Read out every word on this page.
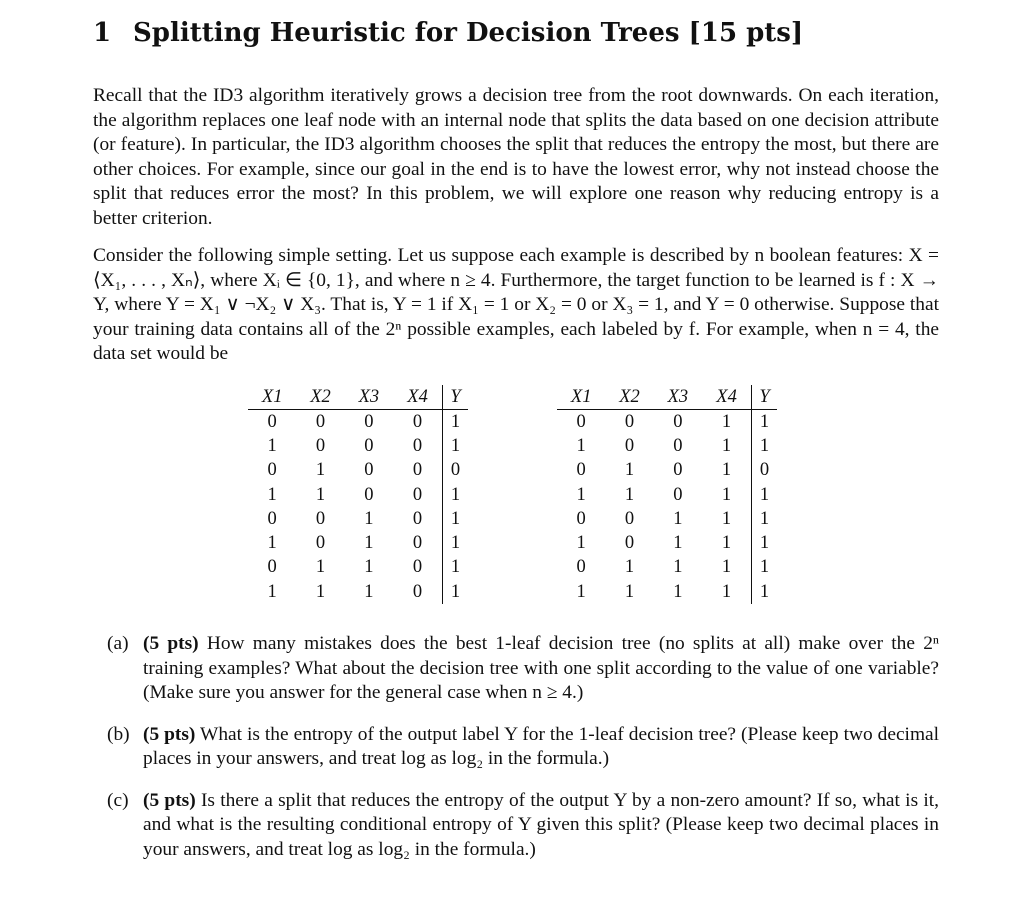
1 Splitting Heuristic for Decision Trees [15 pts]

Recall that the ID3 algorithm iteratively grows a decision tree from the root downwards. On each iteration, the algorithm replaces one leaf node with an internal node that splits the data based on one decision attribute (or feature). In particular, the ID3 algorithm chooses the split that reduces the entropy the most, but there are other choices. For example, since our goal in the end is to have the lowest error, why not instead choose the split that reduces error the most? In this problem, we will explore one reason why reducing entropy is a better criterion.

Consider the following simple setting. Let us suppose each example is described by n boolean features: X = ⟨X₁, . . . , Xₙ⟩, where Xᵢ ∈ {0, 1}, and where n ≥ 4. Furthermore, the target function to be learned is f : X → Y, where Y = X₁ ∨ ¬X₂ ∨ X₃. That is, Y = 1 if X₁ = 1 or X₂ = 0 or X₃ = 1, and Y = 0 otherwise. Suppose that your training data contains all of the 2ⁿ possible examples, each labeled by f. For example, when n = 4, the data set would be

X1	X2	X3	X4	Y
0	0	0	0	1
1	0	0	0	1
0	1	0	0	0
1	1	0	0	1
0	0	1	0	1
1	0	1	0	1
0	1	1	0	1
1	1	1	0	1
X1	X2	X3	X4	Y
0	0	0	1	1
1	0	0	1	1
0	1	0	1	0
1	1	0	1	1
0	0	1	1	1
1	0	1	1	1
0	1	1	1	1
1	1	1	1	1
(a) (5 pts) How many mistakes does the best 1-leaf decision tree (no splits at all) make over the 2ⁿ training examples? What about the decision tree with one split according to the value of one variable? (Make sure you answer for the general case when n ≥ 4.)
(b) (5 pts) What is the entropy of the output label Y for the 1-leaf decision tree? (Please keep two decimal places in your answers, and treat log as log₂ in the formula.)
(c) (5 pts) Is there a split that reduces the entropy of the output Y by a non-zero amount? If so, what is it, and what is the resulting conditional entropy of Y given this split? (Please keep two decimal places in your answers, and treat log as log₂ in the formula.)
